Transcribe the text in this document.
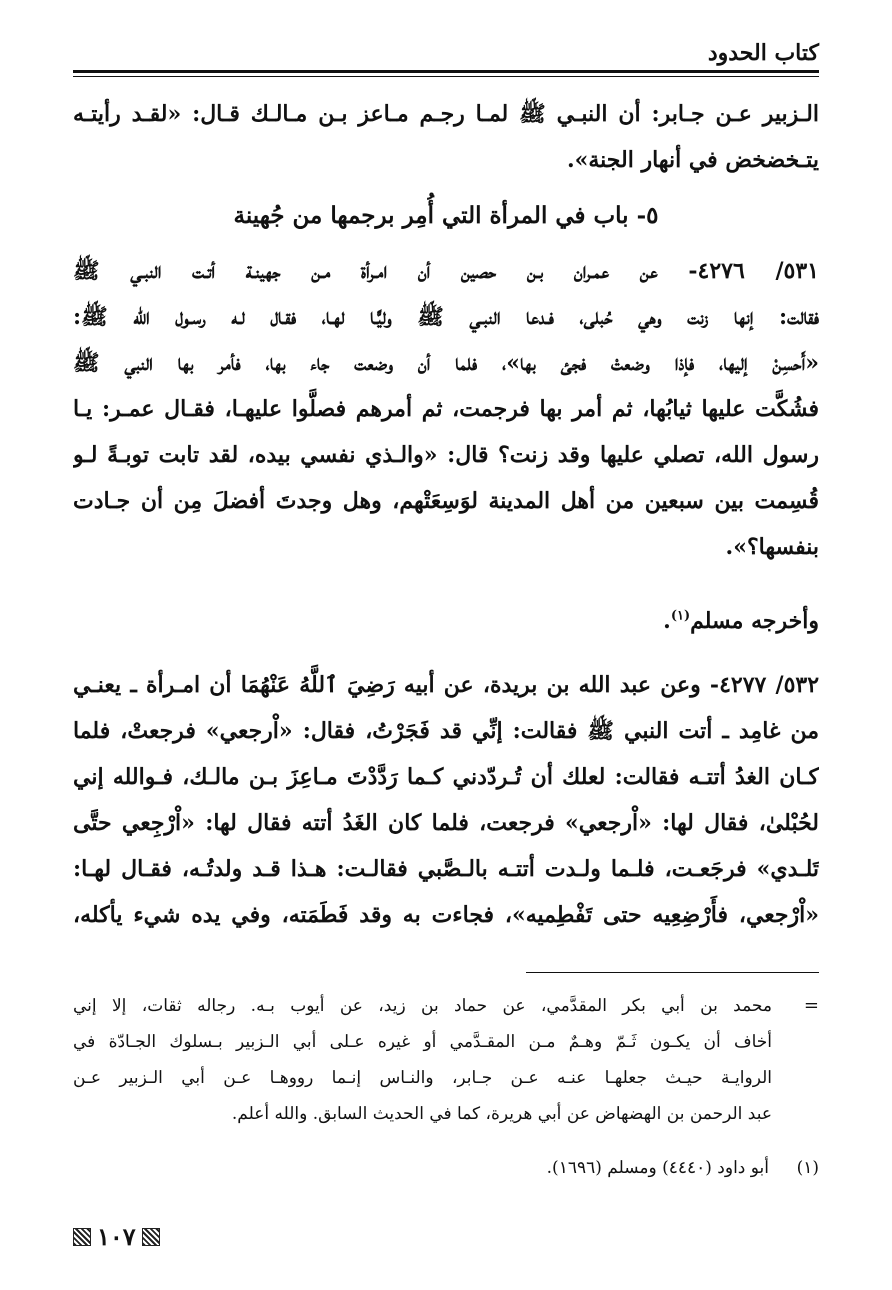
كتاب الحدود
الـزبير عـن جـابر: أن النبـي ﷺ لمـا رجـم مـاعز بـن مـالـك قـال: «لقـد رأيتـه
يتـخضخض في أنهار الجنة».
٥- باب في المرأة التي أُمِر برجمها من جُهينة
٥٣١/ ٤٢٧٦- عن عمـران بـن حصين أن امـرأة مـن جهينـة أتـت النبـي ﷺ
فقالت: إنها زنت وهي حُبلى، فـدعا النبـي ﷺ وليًّـا لهـا، فقـال لـه رسـول الله ﷺ:
«أَحسِنْ إليها، فإذا وضعتْ فجئ بها»، فلما أن وضعت جاء بها، فأمر بها النبي ﷺ
فشُكَّت عليها ثيابُها، ثم أمر بها فرجمت، ثم أمرهم فصلَّوا عليهـا، فقـال عمـر: يـا
رسول الله، تصلي عليها وقد زنت؟ قال: «والـذي نفسي بيده، لقد تابت توبـةً لـو
قُسِمت بين سبعين من أهل المدينة لوَسِعَتْهم، وهل وجدتَ أفضلَ مِن أن جـادت
بنفسها؟».
وأخرجه مسلم$^{(١)}$.
٥٣٢/ ٤٢٧٧- وعن عبد الله بن بريدة، عن أبيه رَضِيَ ٱللَّهُ عَنْهُمَا أن امـرأة ـ يعنـي
من غامِد ـ أتت النبي ﷺ فقالت: إنِّي قد فَجَرْتُ، فقال: «اْرجعي» فرجعتْ، فلما
كـان الغدُ أتتـه فقالت: لعلك أن تُـردّدني كـما رَدَّدْتَ مـاعِزَ بـن مالـك، فـوالله إني
لحُبْلىٰ، فقال لها: «اْرجعي» فرجعت، فلما كان الغَدُ أتته فقال لها: «اْرْجِعي حتَّى
تَلـدي» فرجَعـت، فلـما ولـدت أتتـه بالـصَّبي فقالـت: هـذا قـد ولدتُـه، فقـال لهـا:
«اْرْجعي، فأَرْضِعِيه حتى تَفْطِميه»، فجاءت به وقد فَطَمَته، وفي يده شيء يأكله،
=
محمد بن أبي بكر المقدَّمي، عن حماد بن زيد، عن أيوب بـه. رجاله ثقات، إلا إني
أخاف أن يكـون ثَـمّ وهـمٌ مـن المقـدَّمي أو غيره عـلى أبي الـزبير بـسلوك الجـادّة في
الروايـة حيـث جعلهـا عنـه عـن جـابر، والنـاس إنـما رووهـا عـن أبي الـزبير عـن
عبد الرحمن بن الهضهاض عن أبي هريرة، كما في الحديث السابق. والله أعلم.
(١)
أبو داود (٤٤٤٠) ومسلم (١٦٩٦).
١٠٧
